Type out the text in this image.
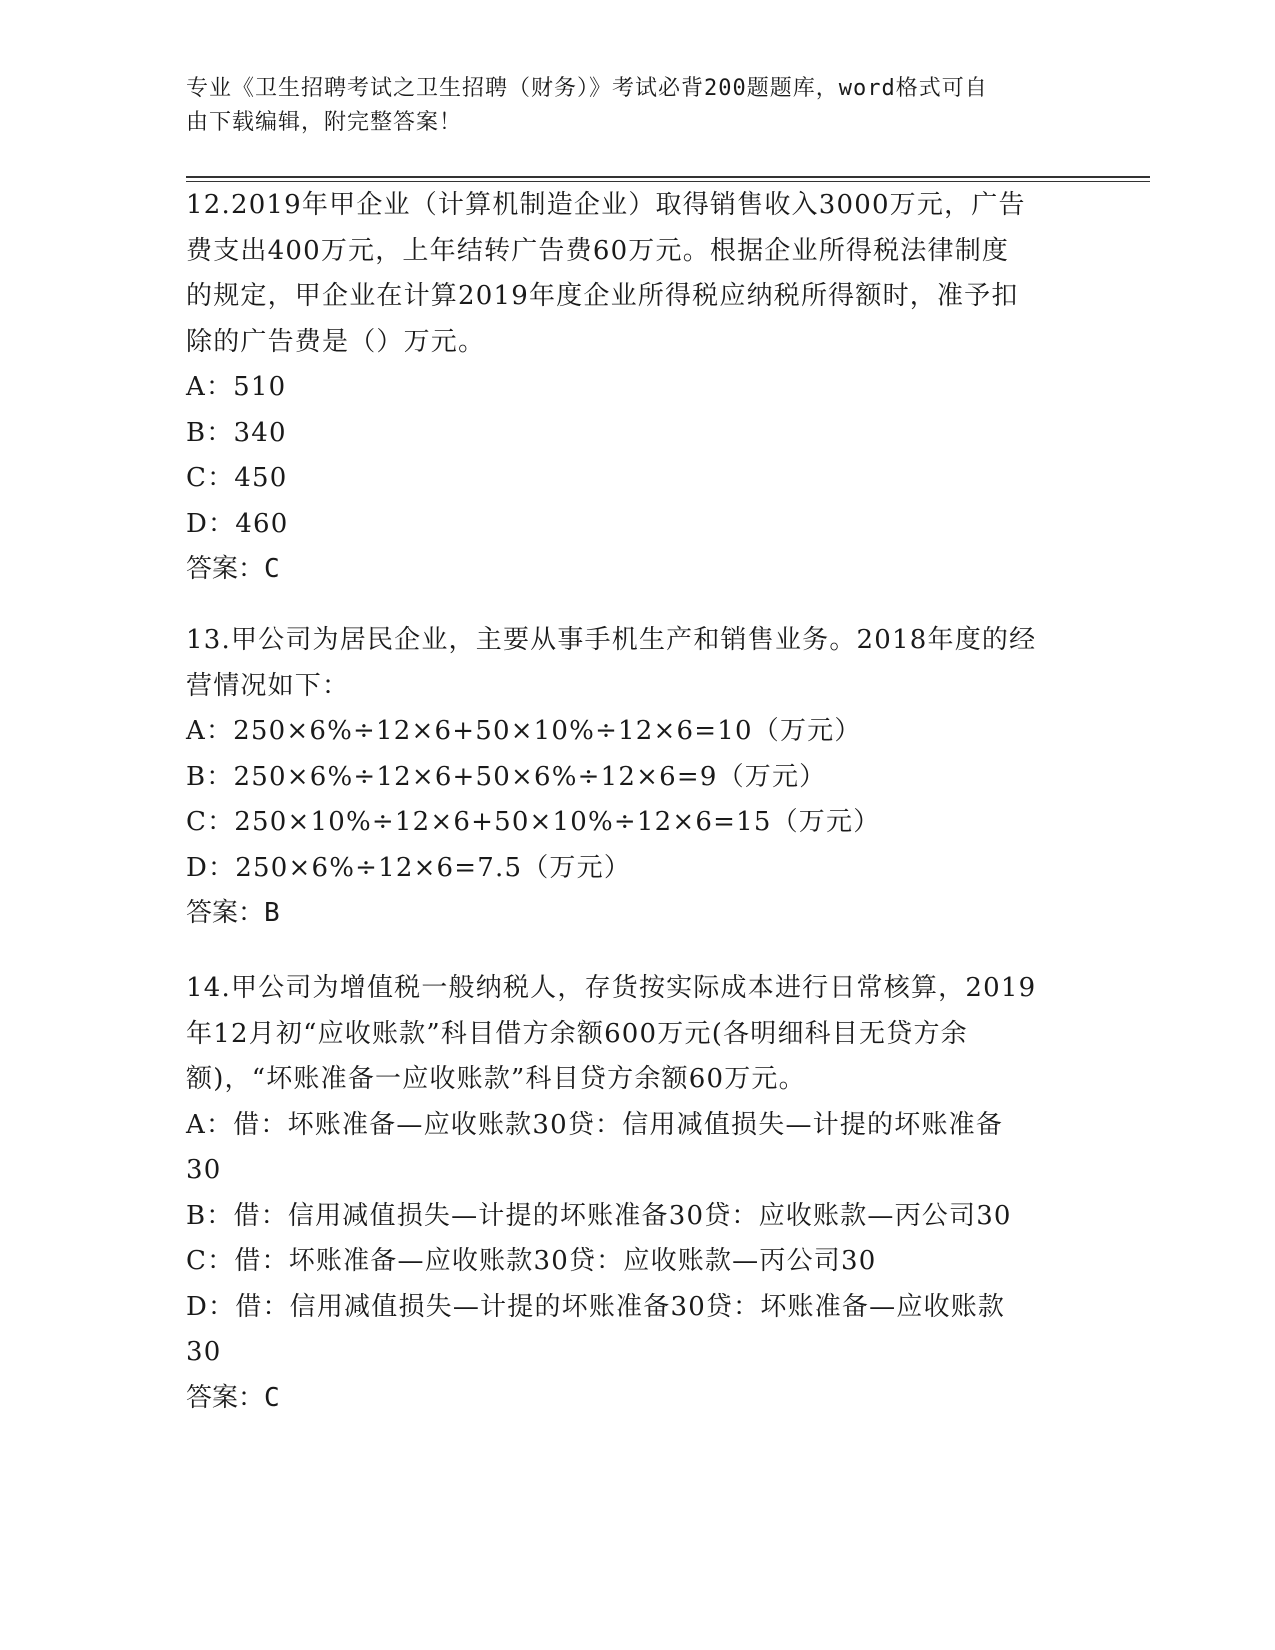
专业《卫生招聘考试之卫生招聘（财务）》考试必背200题题库，word格式可自
由下载编辑，附完整答案！
12.2019年甲企业（计算机制造企业）取得销售收入3000万元，广告
费支出400万元，上年结转广告费60万元。根据企业所得税法律制度
的规定，甲企业在计算2019年度企业所得税应纳税所得额时，准予扣
除的广告费是（）万元。
A：510
B：340
C：450
D：460
答案：C
13.甲公司为居民企业，主要从事手机生产和销售业务。2018年度的经
营情况如下：
A：250×6%÷12×6+50×10%÷12×6=10（万元）
B：250×6%÷12×6+50×6%÷12×6=9（万元）
C：250×10%÷12×6+50×10%÷12×6=15（万元）
D：250×6%÷12×6=7.5（万元）
答案：B
14.甲公司为增值税一般纳税人，存货按实际成本进行日常核算，2019
年12月初“应收账款”科目借方余额600万元(各明细科目无贷方余
额)，“坏账准备一应收账款”科目贷方余额60万元。
A：借：坏账准备—应收账款30贷：信用减值损失—计提的坏账准备
30
B：借：信用减值损失—计提的坏账准备30贷：应收账款—丙公司30
C：借：坏账准备—应收账款30贷：应收账款—丙公司30
D：借：信用减值损失—计提的坏账准备30贷：坏账准备—应收账款
30
答案：C
